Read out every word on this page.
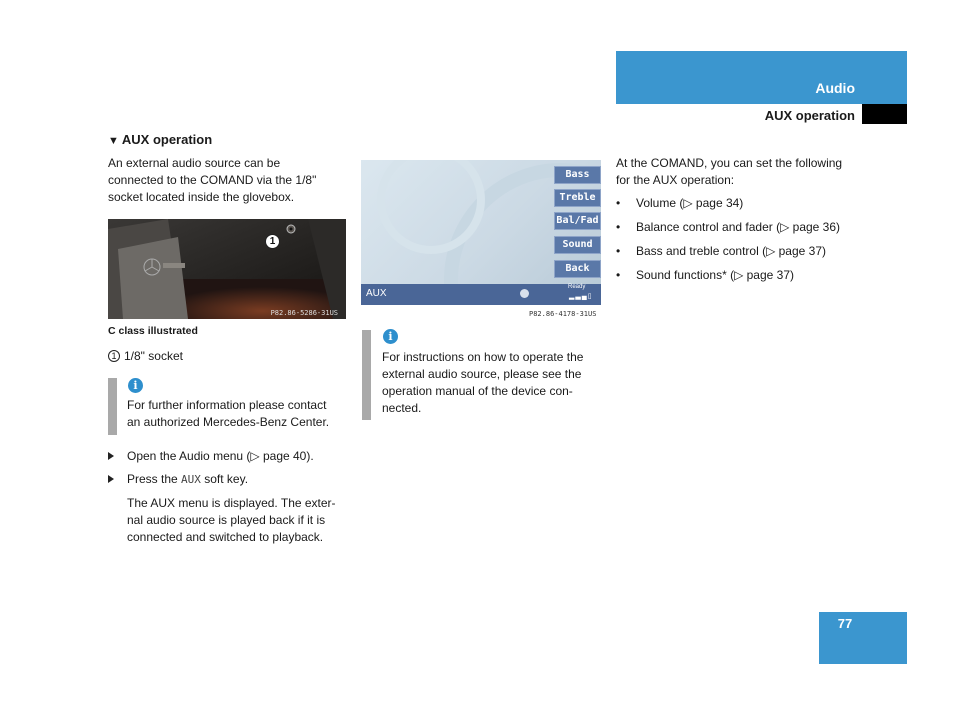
Audio
AUX operation
▼ AUX operation

An external audio source can be

connected to the COMAND via the 1/8"

socket located inside the glovebox.

1
P82.86-5286-31US
C class illustrated
1 1/8" socket
i

For further information please contact

an authorized Mercedes-Benz Center.

Open the Audio menu (▷ page 40).
Press the AUX soft key.

The AUX menu is displayed. The exter-

nal audio source is played back if it is

connected and switched to playback.

Bass
Treble
Bal/Fad
Sound
Back
AUX
Ready
▂▃▄▯
P82.86-4178-31US
i

For instructions on how to operate the

external audio source, please see the

operation manual of the device con-

nected.

At the COMAND, you can set the following

for the AUX operation:

• Volume (▷ page 34)
• Balance control and fader (▷ page 36)
• Bass and treble control (▷ page 37)
• Sound functions* (▷ page 37)
77
